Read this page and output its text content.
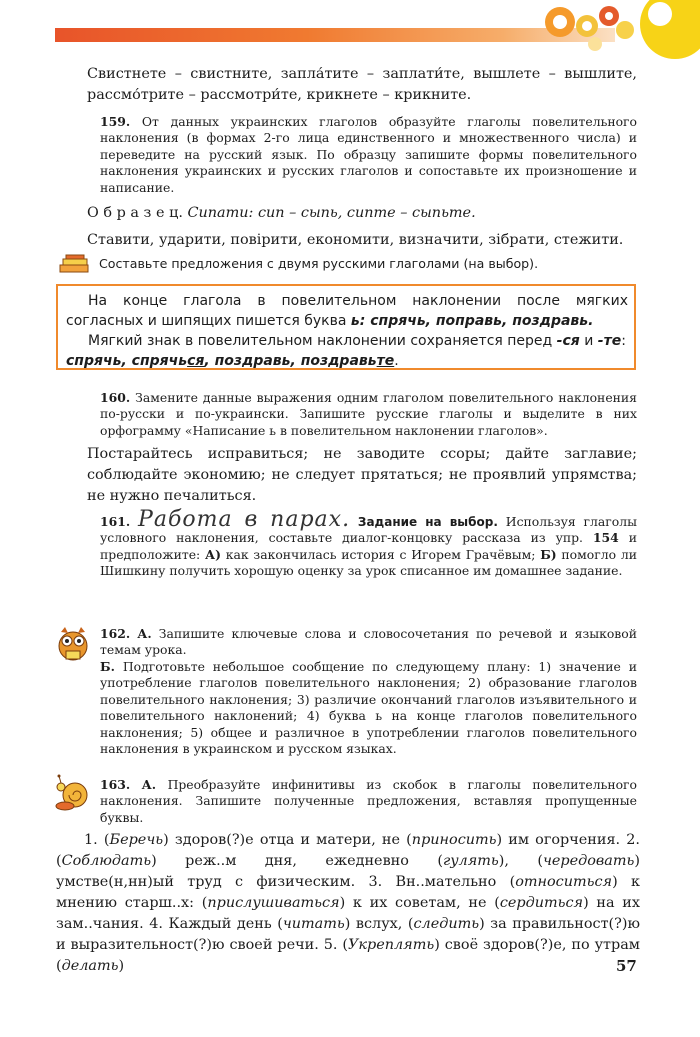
Свистнете – свистните, запла́тите – заплати́те, вышлете – вышлите, рассмо́трите – рассмотри́те, крикнете – крикните.

159. От данных украинских глаголов образуйте глаголы повелительного наклонения (в формах 2-го лица единственного и множественного числа) и переведите на русский язык. По образцу запишите формы повелительного наклонения украинских и русских глаголов и сопоставьте их произношение и написание.

О б р а з е ц. Сипати: сип – сыпь, сипте – сыпьте.

Ставити, ударити, повірити, економити, визначити, зібрати, стежити.

Составьте предложения с двумя русскими глаголами (на выбор).

На конце глагола в повелительном наклонении после мягких согласных и шипящих пишется буква ь: спрячь, поправь, поздравь.

Мягкий знак в повелительном наклонении сохраняется перед -ся и -те: спрячь, спрячься, поздравь, поздравьте.

160. Замените данные выражения одним глаголом повелительного наклонения по-русски и по-украински. Запишите русские глаголы и выделите в них орфограмму «Написание ь в повелительном наклонении глаголов».

Постарайтесь исправиться; не заводите ссоры; дайте заглавие; соблюдайте экономию; не следует прятаться; не проявлий упрямства; не нужно печалиться.

161. Работа в парах. Задание на выбор. Используя глаголы условного наклонения, составьте диалог-концовку рассказа из упр. 154 и предположите: А) как закончилась история с Игорем Грачёвым; Б) помогло ли Шишкину получить хорошую оценку за урок списанное им домашнее задание.

162. А. Запишите ключевые слова и словосочетания по речевой и языковой темам урока.

Б. Подготовьте небольшое сообщение по следующему плану: 1) значение и употребление глаголов повелительного наклонения; 2) образование глаголов повелительного наклонения; 3) различие окончаний глаголов изъявительного и повелительного наклонений; 4) буква ь на конце глаголов повелительного наклонения; 5) общее и различное в употреблении глаголов повелительного наклонения в украинском и русском языках.

163. А. Преобразуйте инфинитивы из скобок в глаголы повелительного наклонения. Запишите полученные предложения, вставляя пропущенные буквы.

1. (Беречь) здоров(?)е отца и матери, не (приносить) им огорчения. 2. (Соблюдать) реж..м дня, ежедневно (гулять), (чередовать) умстве(н,нн)ый труд с физическим. 3. Вн..мательно (относиться) к мнению старш..х: (прислушиваться) к их советам, не (сердиться) на их зам..чания. 4. Каждый день (читать) вслух, (следить) за правильност(?)ю и выразительност(?)ю своей речи. 5. (Укреплять) своё здоров(?)е, по утрам (делать)	57
